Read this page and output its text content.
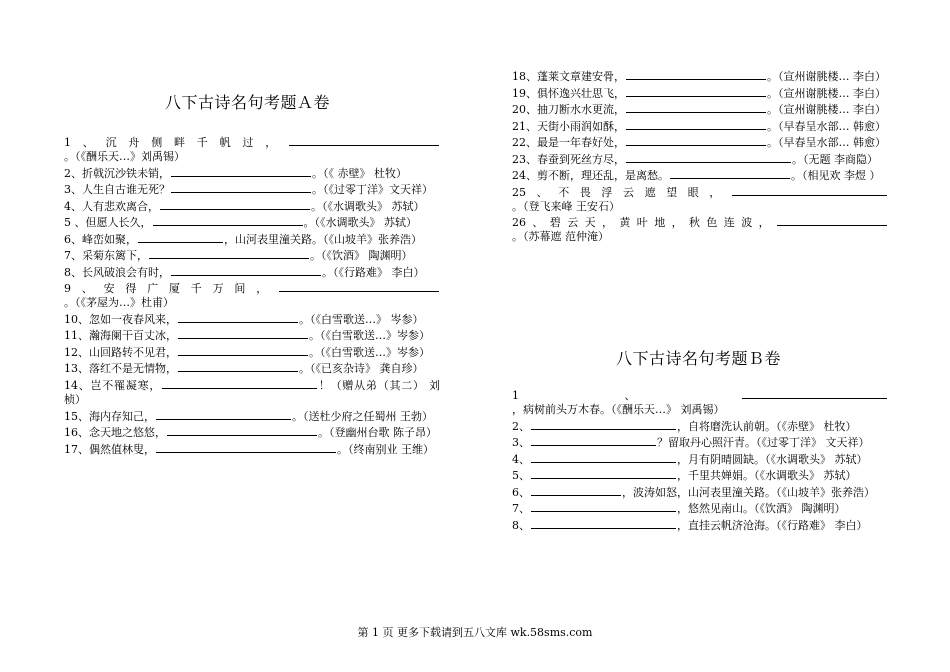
八下古诗名句考题Ａ卷
1、沉舟侧畔千帆过，。（《酬乐天…》刘禹锡）
2、折戟沉沙铁未销，	。（《 赤壁》 杜牧）
3、人生自古谁无死？	。（《过零丁洋》文天祥）
4、人有悲欢离合，	。（《水调歌头》 苏轼）
5 、但愿人长久，	。（《水调歌头》 苏轼）
6、峰峦如聚，	，山河表里潼关路。（《山坡羊》张养浩）
7、采菊东篱下，	。（《饮酒》 陶渊明）
8、长风破浪会有时，	。（《行路难》 李白）
9、安得广厦千万间，。（《茅屋为…》杜甫）
10、忽如一夜春风来，	。（《白雪歌送…》 岑参）
11、瀚海阑干百丈冰，	。（《白雪歌送…》岑参）
12、山回路转不见君，	。（《白雪歌送…》岑参）
13、落红不是无情物，	。（《已亥杂诗》 龚自珍）
14、岂不罹凝寒，	！（赠从弟（其二） 刘桢）
15、海内存知己，	。（送杜少府之任蜀州 王勃）
16、念天地之悠悠，	。（登幽州台歌 陈子昂）
17、偶然值林叟，	。（终南别业 王维）
18、蓬莱文章建安骨，	。（宣州谢朓楼… 李白）
19、俱怀逸兴壮思飞，	。（宣州谢朓楼… 李白）
20、抽刀断水水更流，	。（宣州谢朓楼… 李白）
21、天街小雨润如酥，	。（早春呈水部… 韩愈）
22、最是一年春好处，	。（早春呈水部… 韩愈）
23、春蚕到死丝方尽，	。（无题 李商隐）
24、剪不断，理还乱，是离愁。	。（相见欢 李煜 ）
25、不畏浮云遮望眼，。（登飞来峰 王安石）
26、碧云天，黄叶地，秋色连波，。（苏幕遮 范仲淹）
八下古诗名句考题Ｂ卷
1、，病树前头万木春。（《酬乐天…》 刘禹锡）
2、	，自将磨洗认前朝。（《赤壁》 杜牧）
3、	？留取丹心照汗青。（《过零丁洋》 文天祥）
4、	，月有阴晴圆缺。（《水调歌头》 苏轼）
5、	，千里共婵娟。（《水调歌头》 苏轼）
6、	，波涛如怒，山河表里潼关路。（《山坡羊》张养浩）
7、	，悠然见南山。（《饮酒》 陶渊明）
8、	，直挂云帆济沧海。（《行路难》 李白）
第 1 页 更多下载请到五八文库 wk.58sms.com
